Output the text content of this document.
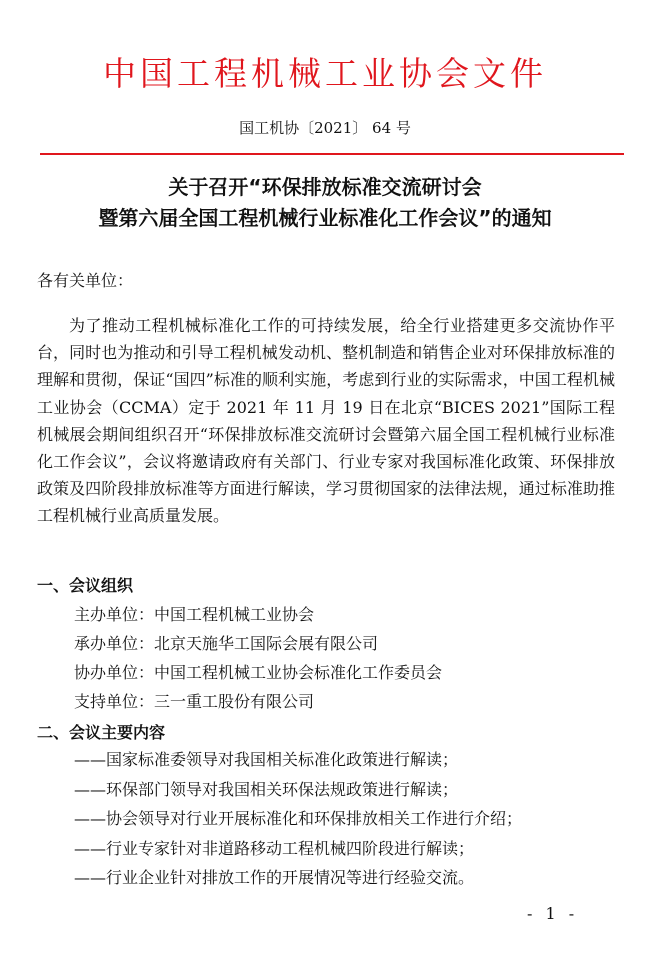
中国工程机械工业协会文件
国工机协〔2021〕 64 号
关于召开“环保排放标准交流研讨会
暨第六届全国工程机械行业标准化工作会议”的通知
各有关单位：
为了推动工程机械标准化工作的可持续发展，给全行业搭建更多交流协作平台，同时也为推动和引导工程机械发动机、整机制造和销售企业对环保排放标准的理解和贯彻，保证“国四”标准的顺利实施，考虑到行业的实际需求，中国工程机械工业协会（CCMA）定于 2021 年 11 月 19 日在北京“BICES 2021”国际工程机械展会期间组织召开“环保排放标准交流研讨会暨第六届全国工程机械行业标准化工作会议”，会议将邀请政府有关部门、行业专家对我国标准化政策、环保排放政策及四阶段排放标准等方面进行解读，学习贯彻国家的法律法规，通过标准助推工程机械行业高质量发展。
一、会议组织
主办单位：中国工程机械工业协会
承办单位：北京天施华工国际会展有限公司
协办单位：中国工程机械工业协会标准化工作委员会
支持单位：三一重工股份有限公司
二、会议主要内容
——国家标准委领导对我国相关标准化政策进行解读；
——环保部门领导对我国相关环保法规政策进行解读；
——协会领导对行业开展标准化和环保排放相关工作进行介绍；
——行业专家针对非道路移动工程机械四阶段进行解读；
——行业企业针对排放工作的开展情况等进行经验交流。
- 1 -
